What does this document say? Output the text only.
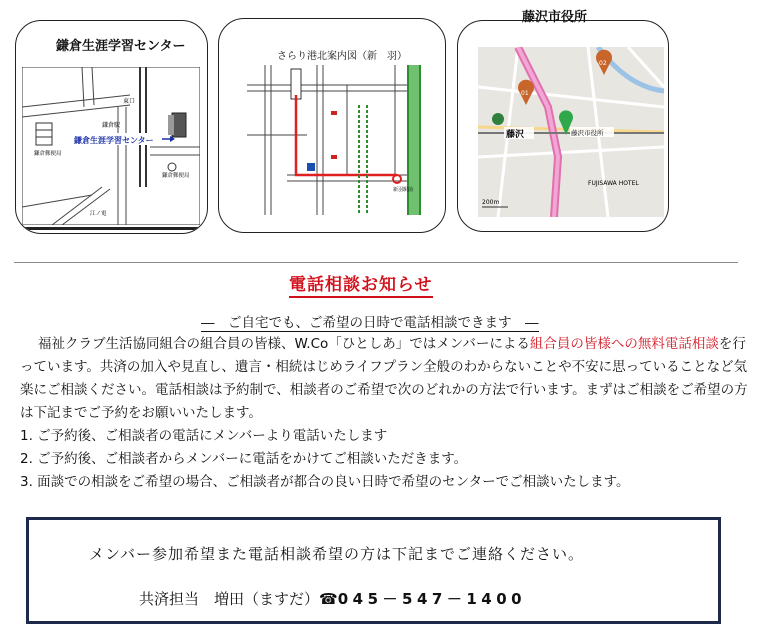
鎌倉生涯学習センター
東口
鎌倉駅
鎌倉郵便局
鎌倉郵便局
江ノ電
鎌倉生涯学習センター
さらり港北案内図（新　羽）
新羽駅前
藤沢
01
02
藤沢市役所
FUJISAWA HOTEL
200m
藤沢市役所
電話相談お知らせ
―　ご自宅でも、ご希望の日時で電話相談できます　―

福祉クラブ生活協同組合の組合員の皆様、W.Co「ひとしあ」ではメンバーによる組合員の皆様への無料電話相談を行っています。共済の加入や見直し、遺言・相続はじめライフプラン全般のわからないことや不安に思っていることなど気楽にご相談ください。電話相談は予約制で、相談者のご希望で次のどれかの方法で行います。まずはご相談をご希望の方は下記までご予約をお願いいたします。

1. ご予約後、ご相談者の電話にメンバーより電話いたします

2. ご予約後、ご相談者からメンバーに電話をかけてご相談いただきます。

3. 面談での相談をご希望の場合、ご相談者が都合の良い日時で希望のセンターでご相談いたします。

メンバー参加希望また電話相談希望の方は下記までご連絡ください。
共済担当　増田（ますだ）☎045－547－1400
